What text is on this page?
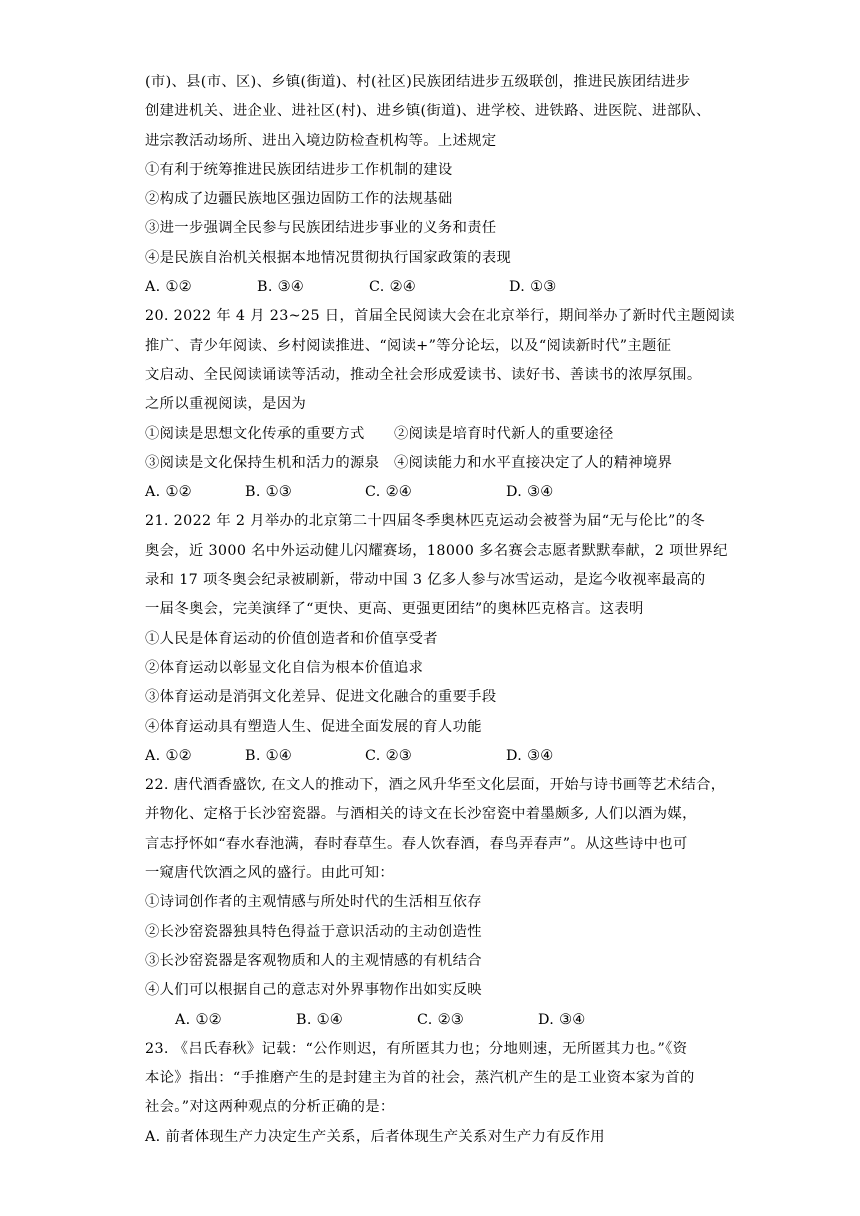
(市)、县(市、区)、乡镇(街道)、村(社区)民族团结进步五级联创，推进民族团结进步
创建进机关、进企业、进社区(村)、进乡镇(街道)、进学校、进铁路、进医院、进部队、
进宗教活动场所、进出入境边防检查机构等。上述规定
①有利于统筹推进民族团结进步工作机制的建设
②构成了边疆民族地区强边固防工作的法规基础
③进一步强调全民参与民族团结进步事业的义务和责任
④是民族自治机关根据本地情况贯彻执行国家政策的表现
A. ①②	B. ③④	C. ②④	D. ①③
20. 2022 年 4 月 23~25 日，首届全民阅读大会在北京举行，期间举办了新时代主题阅读
推广、青少年阅读、乡村阅读推进、“阅读+”等分论坛，以及“阅读新时代”主题征
文启动、全民阅读诵读等活动，推动全社会形成爱读书、读好书、善读书的浓厚氛围。
之所以重视阅读，是因为
①阅读是思想文化传承的重要方式　　②阅读是培育时代新人的重要途径
③阅读是文化保持生机和活力的源泉　④阅读能力和水平直接决定了人的精神境界
A. ①②	B. ①③	C. ②④	D. ③④
21. 2022 年 2 月举办的北京第二十四届冬季奥林匹克运动会被誉为届“无与伦比”的冬
奥会，近 3000 名中外运动健儿闪耀赛场，18000 多名赛会志愿者默默奉献，2 项世界纪
录和 17 项冬奥会纪录被刷新，带动中国 3 亿多人参与冰雪运动，是迄今收视率最高的
一届冬奥会，完美演绎了“更快、更高、更强更团结”的奥林匹克格言。这表明
①人民是体育运动的价值创造者和价值享受者
②体育运动以彰显文化自信为根本价值追求
③体育运动是消弭文化差异、促进文化融合的重要手段
④体育运动具有塑造人生、促进全面发展的育人功能
A. ①②	B. ①④	C. ②③	D. ③④
22. 唐代酒香盛饮, 在文人的推动下，酒之风升华至文化层面，开始与诗书画等艺术结合，
并物化、定格于长沙窑瓷器。与酒相关的诗文在长沙窑瓷中着墨颇多, 人们以酒为媒，
言志抒怀如“春水春池满，春时春草生。春人饮春酒，春鸟弄春声”。从这些诗中也可
一窥唐代饮酒之风的盛行。由此可知：
①诗词创作者的主观情感与所处时代的生活相互依存
②长沙窑瓷器独具特色得益于意识活动的主动创造性
③长沙窑瓷器是客观物质和人的主观情感的有机结合
④人们可以根据自己的意志对外界事物作出如实反映
A. ①②	B. ①④	C. ②③	D. ③④
23. 《吕氏春秋》记载：“公作则迟，有所匿其力也；分地则速，无所匿其力也。”《资
本论》指出：“手推磨产生的是封建主为首的社会，蒸汽机产生的是工业资本家为首的
社会。”对这两种观点的分析正确的是：
A. 前者体现生产力决定生产关系，后者体现生产关系对生产力有反作用
